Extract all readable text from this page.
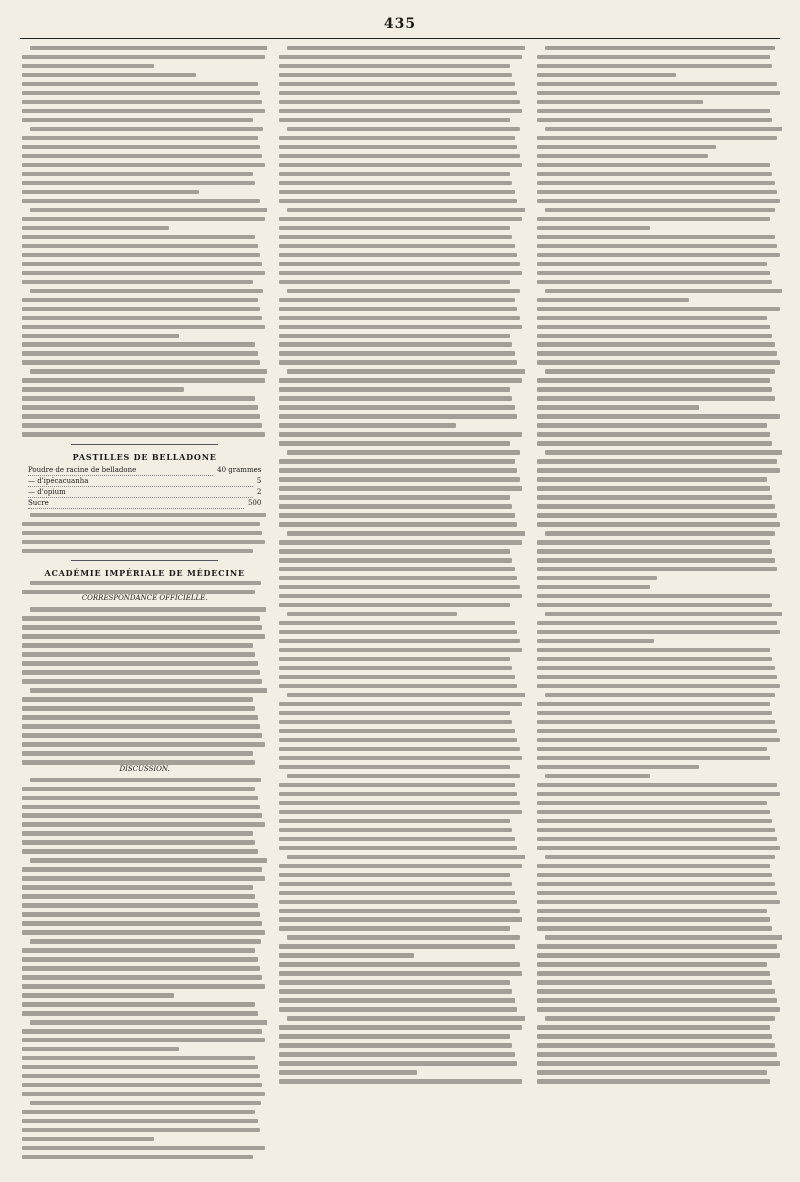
435
PASTILLES DE BELLADONE
Poudre de racine de belladone	40 grammes
— d'ipécacuanha	5
— d'opium	2
Sucre	500
ACADÉMIE IMPÉRIALE DE MÉDECINE
CORRESPONDANCE OFFICIELLE.
DISCUSSION.
